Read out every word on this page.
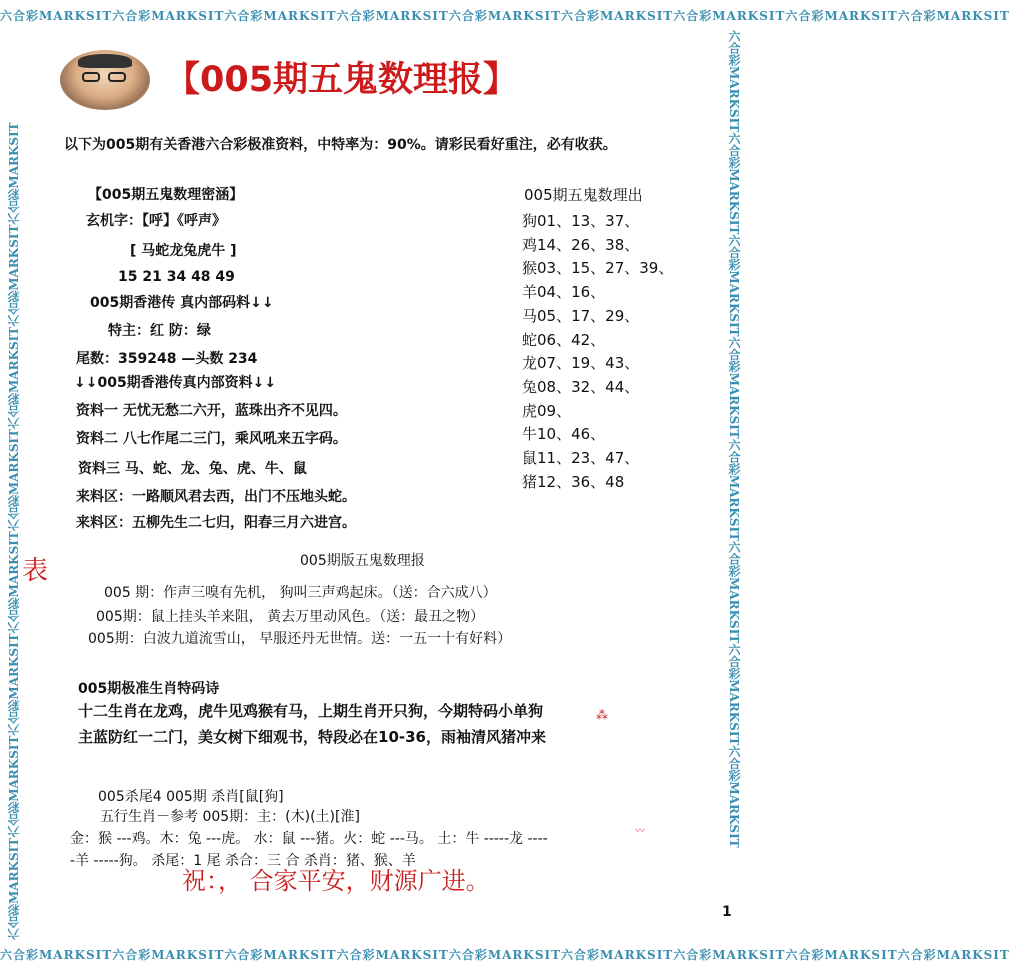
六合彩MARKSIT六合彩MARKSIT六合彩MARKSIT六合彩MARKSIT六合彩MARKSIT六合彩MARKSIT六合彩MARKSIT六合彩MARKSIT六合彩MARKSIT
六合彩MARKSIT六合彩MARKSIT六合彩MARKSIT六合彩MARKSIT六合彩MARKSIT六合彩MARKSIT六合彩MARKSIT六合彩MARKSIT六合彩MARKSIT
六合彩MARKSIT六合彩MARKSIT六合彩MARKSIT六合彩MARKSIT六合彩MARKSIT六合彩MARKSIT六合彩MARKSIT六合彩MARKSIT	六合彩MARKSIT六合彩MARKSIT六合彩MARKSIT六合彩MARKSIT六合彩MARKSIT六合彩MARKSIT六合彩MARKSIT六合彩MARKSIT
【005期五鬼数理报】
以下为005期有关香港六合彩极准资料，中特率为：90%。请彩民看好重注，必有收获。
【005期五鬼数理密涵】
玄机字：【呼】《呼声》
[ 马蛇龙兔虎牛 ]
15 21 34 48 49
005期香港传 真内部码料↓↓
特主：红 防：绿
尾数：359248 —头数 234
↓↓005期香港传真内部资料↓↓
资料一 无忧无愁二六开，蓝珠出齐不见四。
资料二 八七作尾二三门，乘风吼来五字码。
资料三 马、蛇、龙、兔、虎、牛、鼠
来料区：一路顺风君去西，出门不压地头蛇。
来料区：五柳先生二七归，阳春三月六进宫。
005期五鬼数理出
狗01、13、37、
鸡14、26、38、
猴03、15、27、39、
羊04、16、
马05、17、29、
蛇06、42、
龙07、19、43、
兔08、32、44、
虎09、
牛10、46、
鼠11、23、47、
猪12、36、48
表	005期版五鬼数理报
005 期：作声三嗅有先机， 狗叫三声鸡起床。（送：合六成八）
005期：鼠上挂头羊来阻， 黄去万里动风色。（送：最丑之物）
005期：白波九道流雪山， 早服还丹无世情。送：一五一十有好料）
005期极准生肖特码诗
十二生肖在龙鸡，虎牛见鸡猴有马，上期生肖开只狗，今期特码小单狗
主蓝防红一二门，美女树下细观书，特段必在10-36，雨袖清风猪冲来
⁂
005杀尾4 005期 杀肖[鼠[狗]
五行生肖－参考 005期：主：(木)(土)[淮]
金：猴 ---鸡。木：兔 ---虎。 水：鼠 ---猪。火：蛇 ---马。 土：牛 -----龙 ----
-羊 -----狗。 杀尾：1 尾 杀合：三 合 杀肖：猪、猴、羊
〰
祝：， 合家平安，财源广进。
1
